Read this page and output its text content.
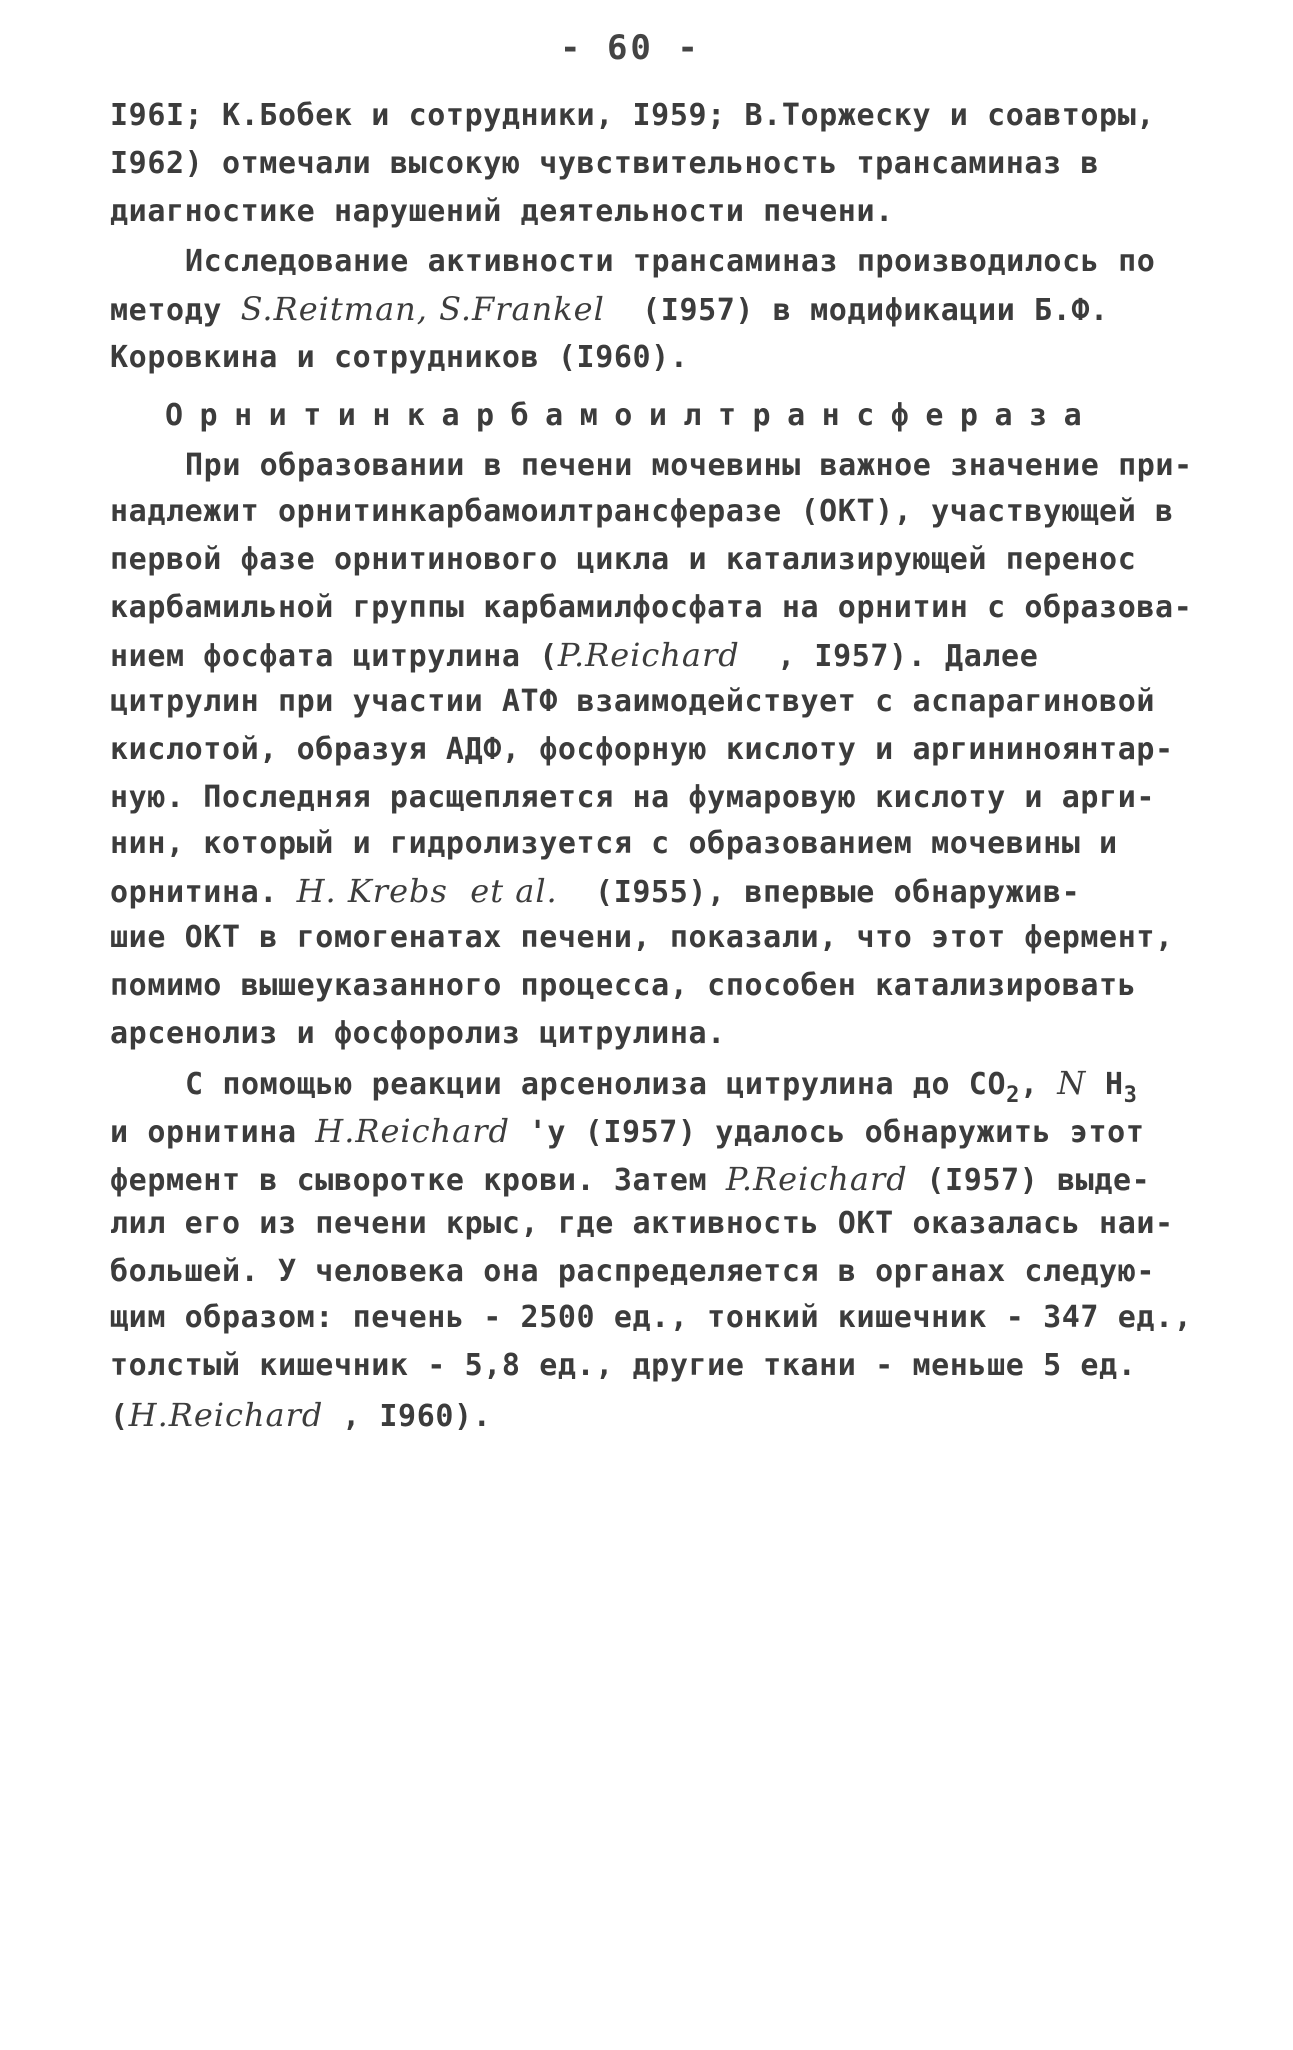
- 60 -
I96I; К.Бобек и сотрудники, I959; В.Торжеску и соавторы,
I962) отмечали высокую чувствительность трансаминаз в
диагностике нарушений деятельности печени.
Исследование активности трансаминаз производилось по
методу S.Reitman, S.Frankel  (I957) в модификации Б.Ф.
Коровкина и сотрудников (I960).
Орнитинкарбамоилтрансфераза
При образовании в печени мочевины важное значение при-
надлежит орнитинкарбамоилтрансферазе (ОКТ), участвующей в
первой фазе орнитинового цикла и катализирующей перенос
карбамильной группы карбамилфосфата на орнитин с образова-
нием фосфата цитрулина (P.Reichard  , I957). Далее
цитрулин при участии АТФ взаимодействует с аспарагиновой
кислотой, образуя АДФ, фосфорную кислоту и аргининоянтар-
ную. Последняя расщепляется на фумаровую кислоту и арги-
нин, который и гидролизуется с образованием мочевины и
орнитина. H. Krebs  et al.  (I955), впервые обнаружив-
шие ОКТ в гомогенатах печени, показали, что этот фермент,
помимо вышеуказанного процесса, способен катализировать
арсенолиз и фосфоролиз цитрулина.
С помощью реакции арсенолиза цитрулина до $СО_2$, N $Н_3$
и орнитина H.Reichard 'у (I957) удалось обнаружить этот
фермент в сыворотке крови. Затем P.Reichard (I957) выде-
лил его из печени крыс, где активность ОКТ оказалась наи-
большей. У человека она распределяется в органах следую-
щим образом: печень - 2500 ед., тонкий кишечник - 347 ед.,
толстый кишечник - 5,8 ед., другие ткани - меньше 5 ед.
(H.Reichard , I960).
